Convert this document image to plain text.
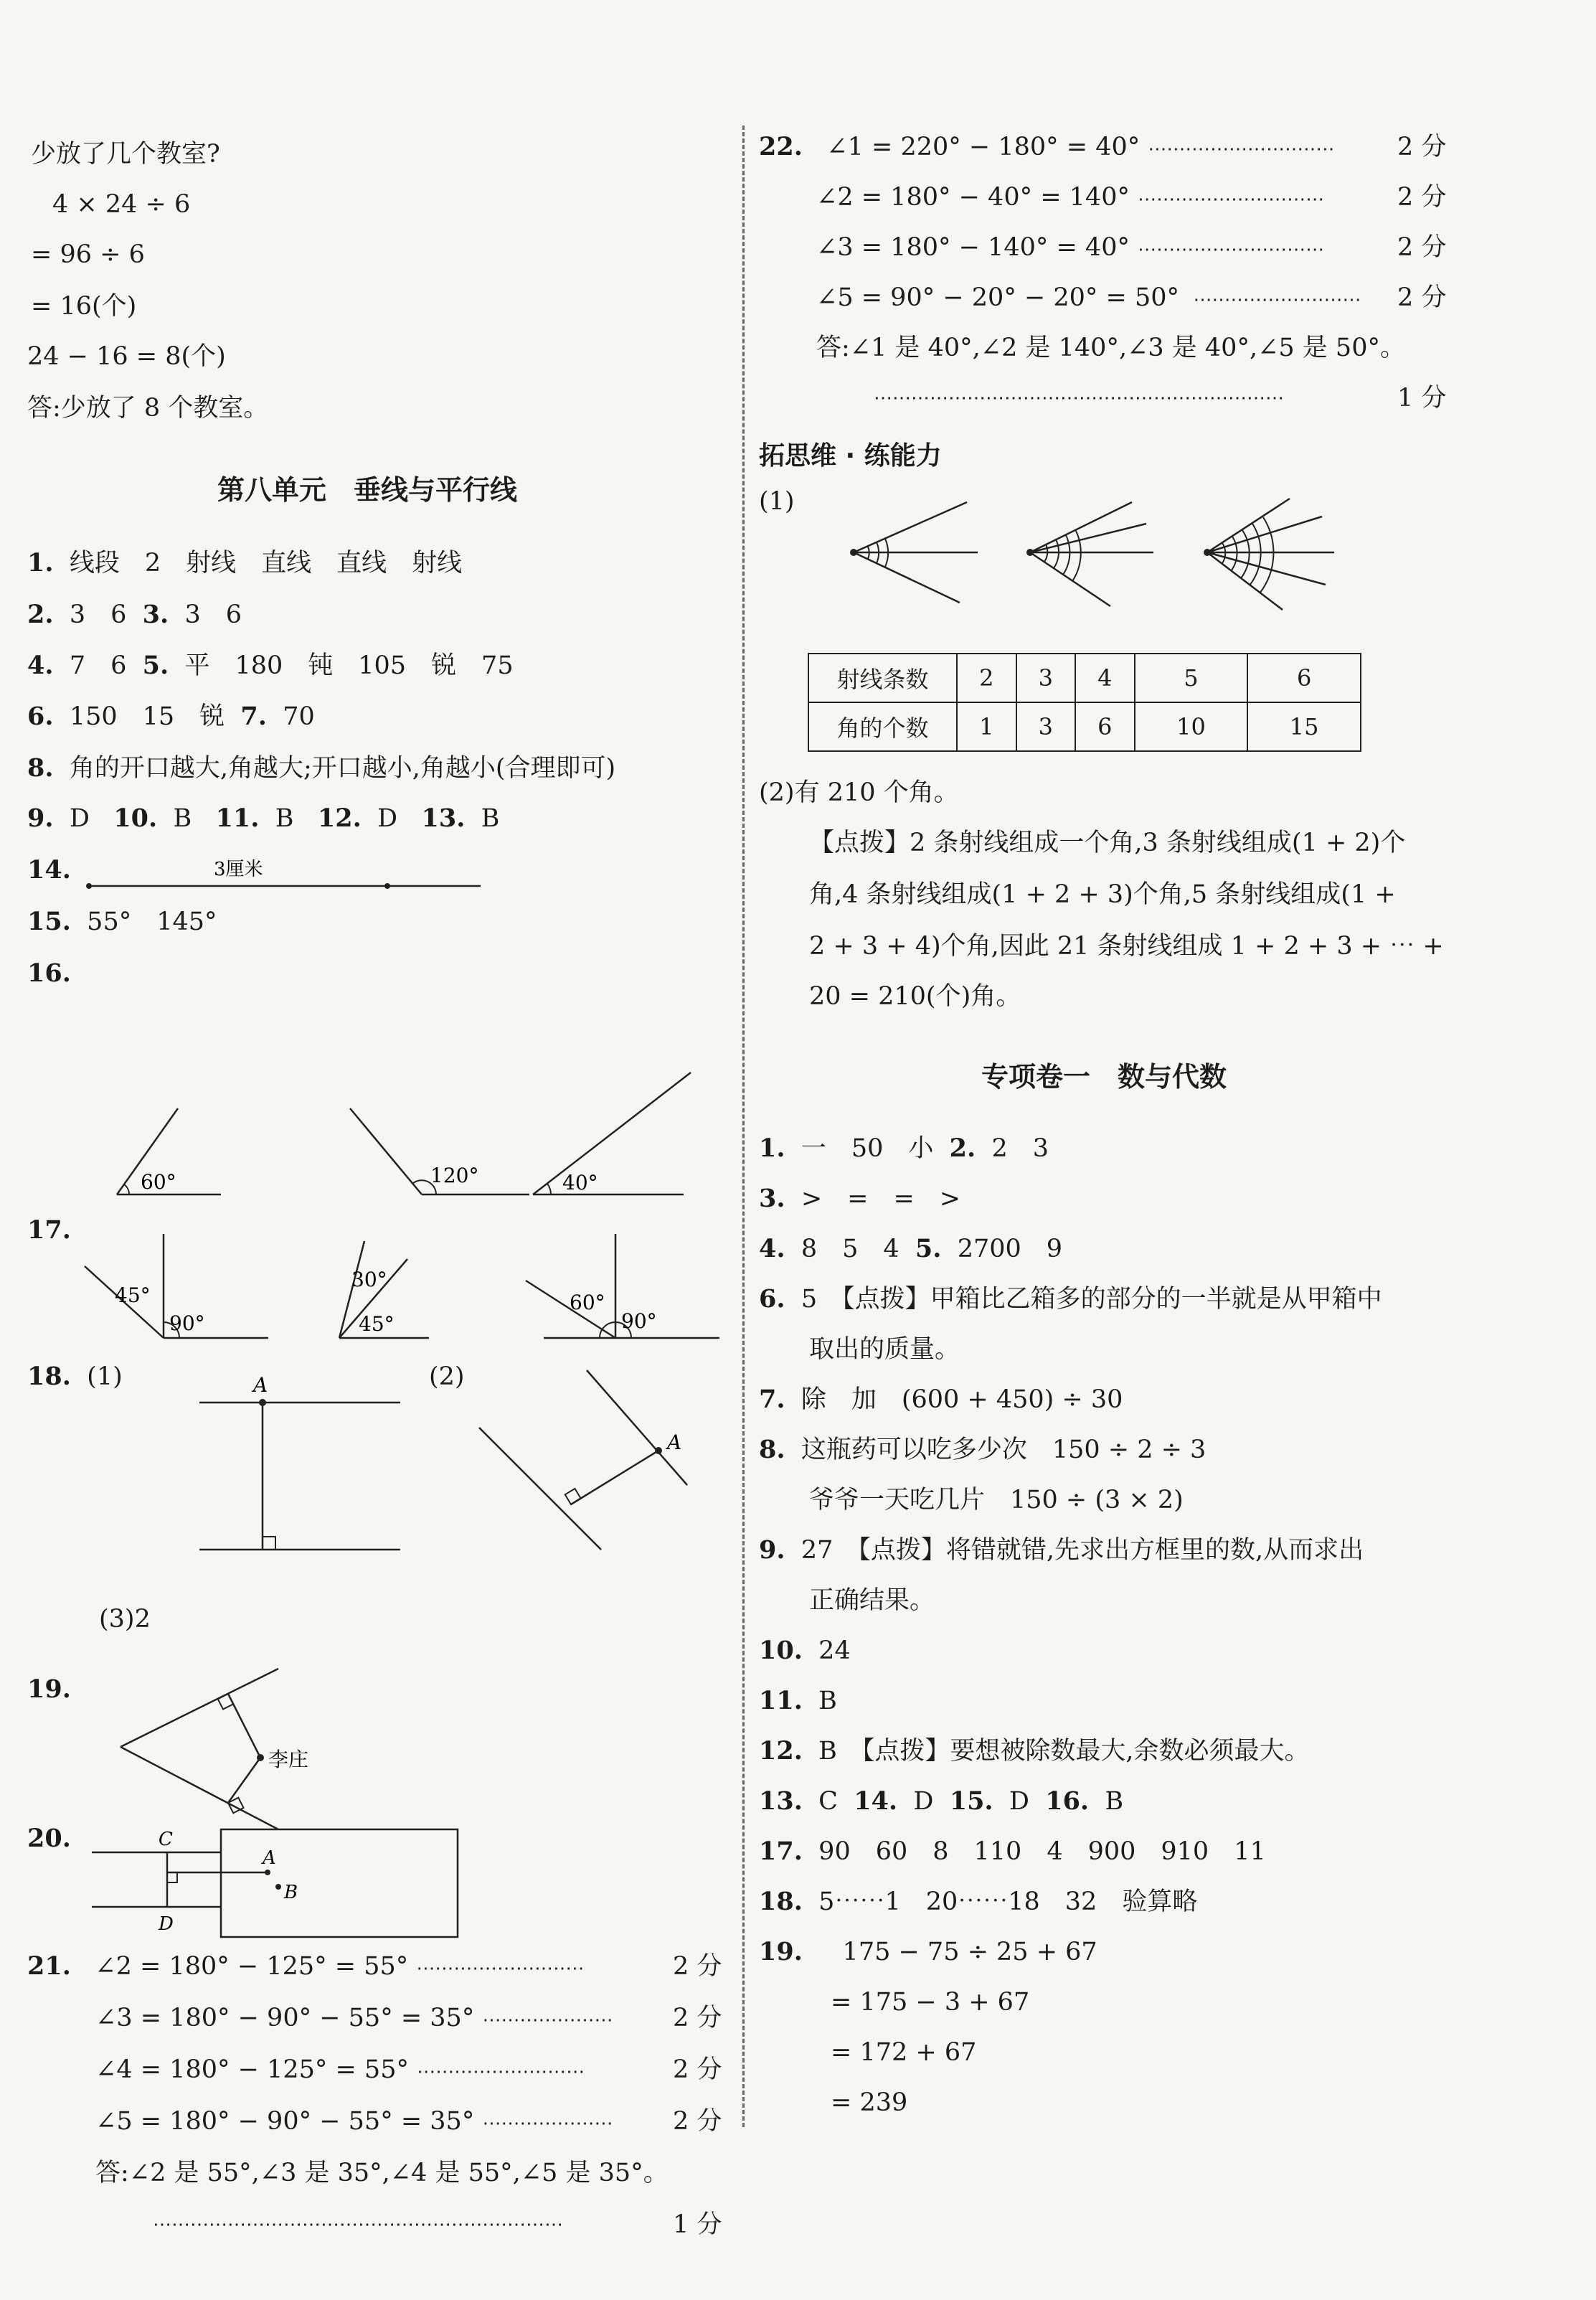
少放了几个教室?
4 × 24 ÷ 6
= 96 ÷ 6
= 16(个)
24 − 16 = 8(个)
答:少放了 8 个教室。
第八单元　垂线与平行线
1. 线段　2　射线　直线　直线　射线
2. 3　6 3. 3　6
4. 7　6 5. 平　180　钝　105　锐　75
6. 150　15　锐 7. 70
8. 角的开口越大,角越大;开口越小,角越小(合理即可)
9. D 10. B 11. B 12. D 13. B
14.	3厘米
15. 55°　145°
16.
60°	120°	40°
17.
45°
90°
30°
45°
60°
90°
18. (1)	(2)
A
A
(3)2
19.
李庄
20.	C
D
A
B
21. ∠2 = 180° − 125° = 55° ⋯⋯⋯⋯⋯⋯⋯⋯⋯	2 分
∠3 = 180° − 90° − 55° = 35° ⋯⋯⋯⋯⋯⋯⋯ 2 分
∠4 = 180° − 125° = 55° ⋯⋯⋯⋯⋯⋯⋯⋯⋯	2 分
∠5 = 180° − 90° − 55° = 35° ⋯⋯⋯⋯⋯⋯⋯ 2 分
答:∠2 是 55°,∠3 是 35°,∠4 是 55°,∠5 是 35°。
⋯⋯⋯⋯⋯⋯⋯⋯⋯⋯⋯⋯⋯⋯⋯⋯⋯⋯⋯⋯⋯⋯	1 分
22. ∠1 = 220° − 180° = 40° ⋯⋯⋯⋯⋯⋯⋯⋯⋯⋯	2 分
∠2 = 180° − 40° = 140° ⋯⋯⋯⋯⋯⋯⋯⋯⋯⋯	2 分
∠3 = 180° − 140° = 40° ⋯⋯⋯⋯⋯⋯⋯⋯⋯⋯	2 分
∠5 = 90° − 20° − 20° = 50°  ⋯⋯⋯⋯⋯⋯⋯⋯⋯ 2 分
答:∠1 是 40°,∠2 是 140°,∠3 是 40°,∠5 是 50°。
⋯⋯⋯⋯⋯⋯⋯⋯⋯⋯⋯⋯⋯⋯⋯⋯⋯⋯⋯⋯⋯⋯	1 分
拓思维 · 练能力
(1)
射线条数	2	3	4	5	6
角的个数	1	3	6	10	15
(2)有 210 个角。
【点拨】2 条射线组成一个角,3 条射线组成(1 + 2)个
角,4 条射线组成(1 + 2 + 3)个角,5 条射线组成(1 +
2 + 3 + 4)个角,因此 21 条射线组成 1 + 2 + 3 + ⋯ +
20 = 210(个)角。
专项卷一　数与代数
1. 一　50　小 2. 2　3
3. >　=　=　>
4. 8　5　4 5. 2700　9
6. 5　【点拨】甲箱比乙箱多的部分的一半就是从甲箱中
取出的质量。
7. 除　加　(600 + 450) ÷ 30
8. 这瓶药可以吃多少次　150 ÷ 2 ÷ 3
爷爷一天吃几片　150 ÷ (3 × 2)
9. 27　【点拨】将错就错,先求出方框里的数,从而求出
正确结果。
10. 24
11. B
12. B　【点拨】要想被除数最大,余数必须最大。
13. C 14. D 15. D 16. B
17. 90　60　8　110　4　900　910　11
18. 5⋯⋯1　20⋯⋯18　32　验算略
19. 175 − 75 ÷ 25 + 67
= 175 − 3 + 67
= 172 + 67
= 239
